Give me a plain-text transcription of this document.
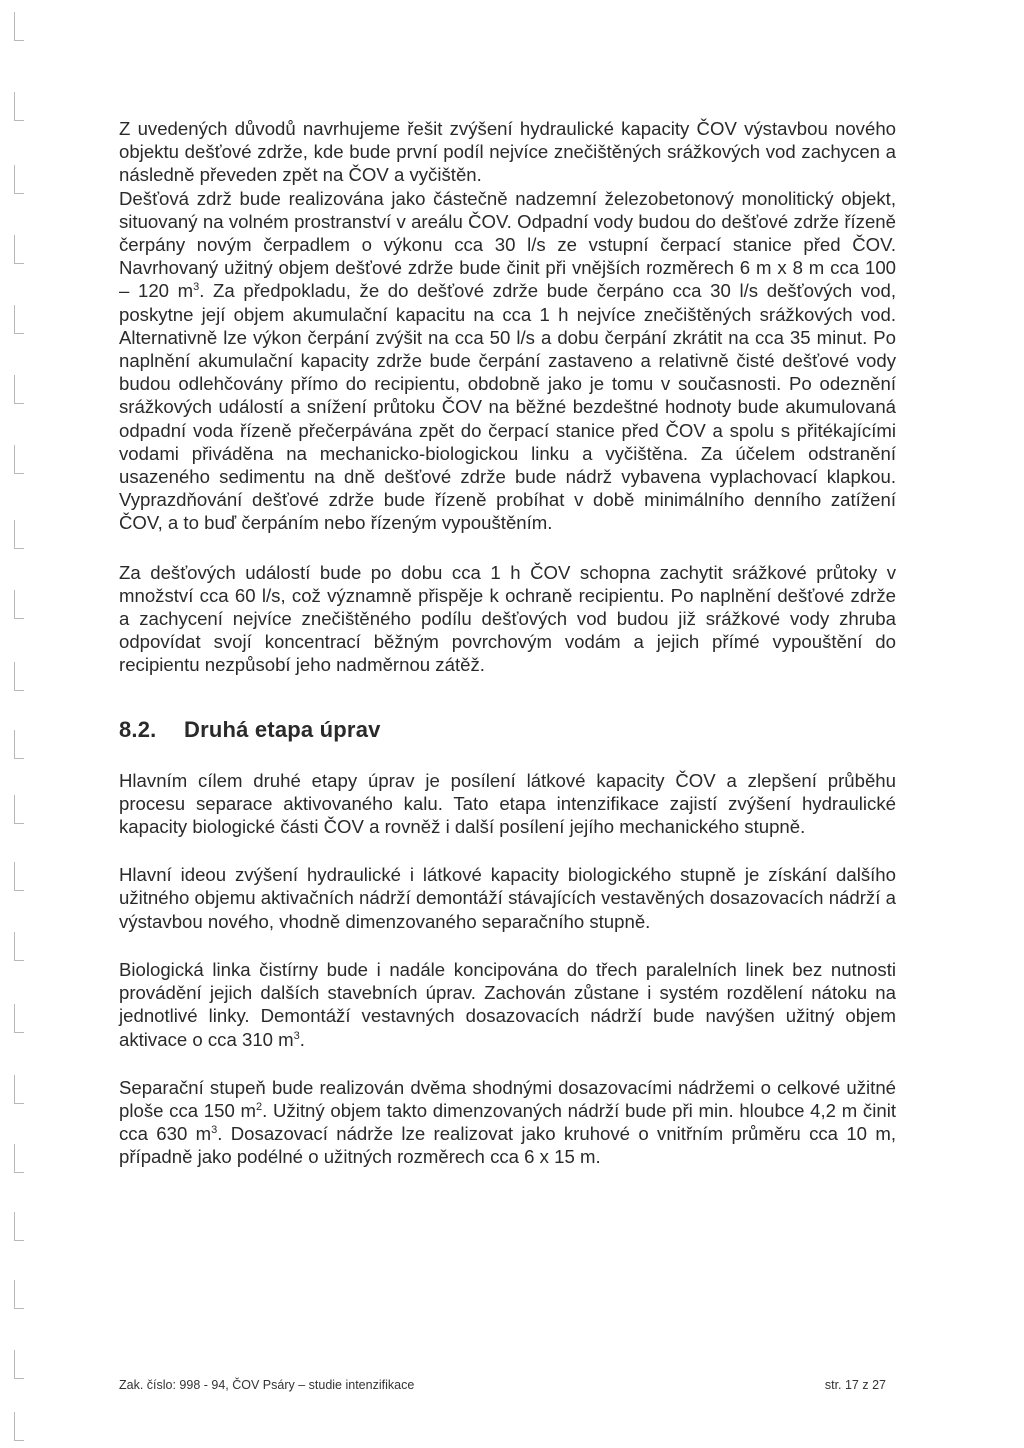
Z uvedených důvodů navrhujeme řešit zvýšení hydraulické kapacity ČOV výstavbou nového objektu dešťové zdrže, kde bude první podíl nejvíce znečištěných srážkových vod zachycen a následně převeden zpět na ČOV a vyčištěn.
Dešťová zdrž bude realizována jako částečně nadzemní železobetonový monolitický objekt, situovaný na volném prostranství v areálu ČOV. Odpadní vody budou do dešťové zdrže řízeně čerpány novým čerpadlem o výkonu cca 30 l/s ze vstupní čerpací stanice před ČOV. Navrhovaný užitný objem dešťové zdrže bude činit při vnějších rozměrech 6 m x 8 m cca 100 – 120 $m^3$. Za předpokladu, že do dešťové zdrže bude čerpáno cca 30 l/s dešťových vod, poskytne její objem akumulační kapacitu na cca 1 h nejvíce znečištěných srážkových vod. Alternativně lze výkon čerpání zvýšit na cca 50 l/s a dobu čerpání zkrátit na cca 35 minut. Po naplnění akumulační kapacity zdrže bude čerpání zastaveno a relativně čisté dešťové vody budou odlehčovány přímo do recipientu, obdobně jako je tomu v současnosti. Po odeznění srážkových událostí a snížení průtoku ČOV na běžné bezdeštné hodnoty bude akumulovaná odpadní voda řízeně přečerpávána zpět do čerpací stanice před ČOV a spolu s přitékajícími vodami přiváděna na mechanicko-biologickou linku a vyčištěna. Za účelem odstranění usazeného sedimentu na dně dešťové zdrže bude nádrž vybavena vyplachovací klapkou. Vyprazdňování dešťové zdrže bude řízeně probíhat v době minimálního denního zatížení ČOV, a to buď čerpáním nebo řízeným vypouštěním.

Za dešťových událostí bude po dobu cca 1 h ČOV schopna zachytit srážkové průtoky v množství cca 60 l/s, což významně přispěje k ochraně recipientu. Po naplnění dešťové zdrže a zachycení nejvíce znečištěného podílu dešťových vod budou již srážkové vody zhruba odpovídat svojí koncentrací běžným povrchovým vodám a jejich přímé vypouštění do recipientu nezpůsobí jeho nadměrnou zátěž.

8.2. Druhá etapa úprav

Hlavním cílem druhé etapy úprav je posílení látkové kapacity ČOV a zlepšení průběhu procesu separace aktivovaného kalu. Tato etapa intenzifikace zajistí zvýšení hydraulické kapacity biologické části ČOV a rovněž i další posílení jejího mechanického stupně.

Hlavní ideou zvýšení hydraulické i látkové kapacity biologického stupně je získání dalšího užitného objemu aktivačních nádrží demontáží stávajících vestavěných dosazovacích nádrží a výstavbou nového, vhodně dimenzovaného separačního stupně.

Biologická linka čistírny bude i nadále koncipována do třech paralelních linek bez nutnosti provádění jejich dalších stavebních úprav. Zachován zůstane i systém rozdělení nátoku na jednotlivé linky. Demontáží vestavných dosazovacích nádrží bude navýšen užitný objem aktivace o cca 310 $m^3$.

Separační stupeň bude realizován dvěma shodnými dosazovacími nádržemi o celkové užitné ploše cca 150 $m^2$. Užitný objem takto dimenzovaných nádrží bude při min. hloubce 4,2 m činit cca 630 $m^3$. Dosazovací nádrže lze realizovat jako kruhové o vnitřním průměru cca 10 m, případně jako podélné o užitných rozměrech cca 6 x 15 m.

Zak. číslo: 998 - 94, ČOV Psáry – studie intenzifikace	str. 17 z 27
